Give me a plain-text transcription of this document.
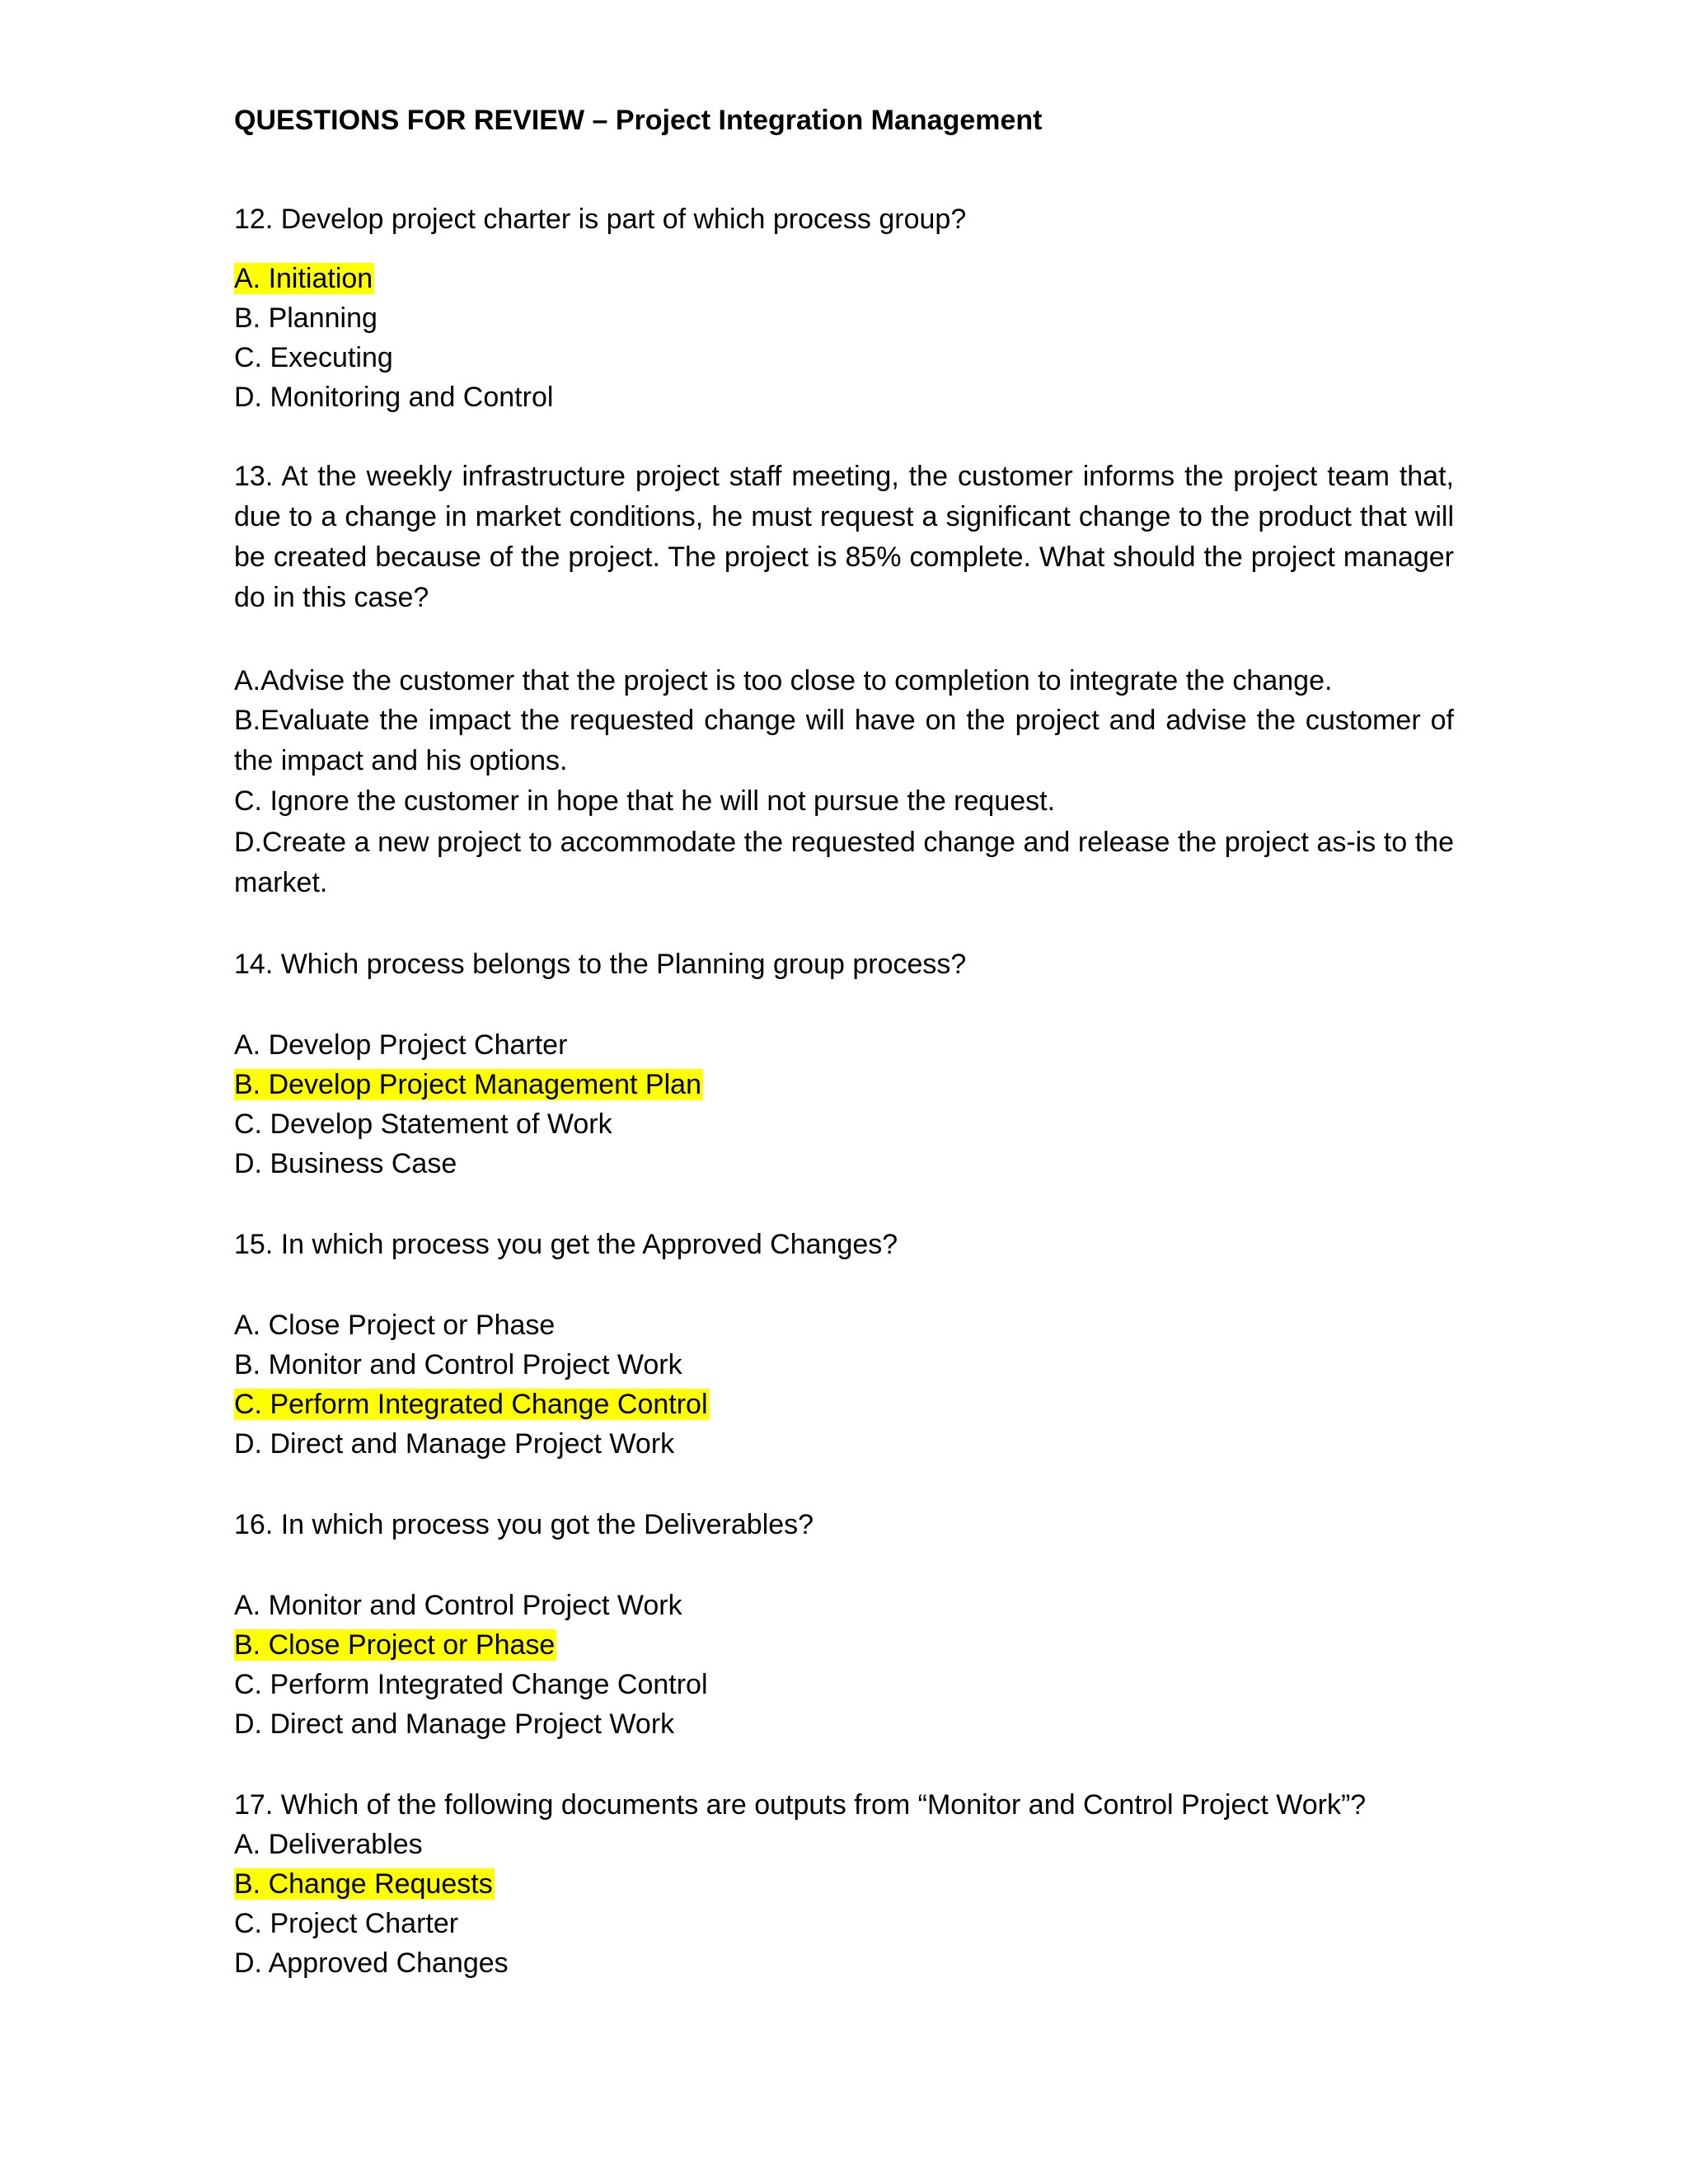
QUESTIONS FOR REVIEW – Project Integration Management
12. Develop project charter is part of which process group?
A. Initiation
B. Planning
C. Executing
D. Monitoring and Control
13. At the weekly infrastructure project staff meeting, the customer informs the project team that, due to a change in market conditions, he must request a significant change to the product that will be created because of the project. The project is 85% complete. What should the project manager do in this case?
A.Advise the customer that the project is too close to completion to integrate the change.
B.Evaluate the impact the requested change will have on the project and advise the customer of the impact and his options.
C. Ignore the customer in hope that he will not pursue the request.
D.Create a new project to accommodate the requested change and release the project as-is to the market.
14. Which process belongs to the Planning group process?
A. Develop Project Charter
B. Develop Project Management Plan
C. Develop Statement of Work
D. Business Case
15. In which process you get the Approved Changes?
A. Close Project or Phase
B. Monitor and Control Project Work
C. Perform Integrated Change Control
D. Direct and Manage Project Work
16. In which process you got the Deliverables?
A. Monitor and Control Project Work
B. Close Project or Phase
C. Perform Integrated Change Control
D. Direct and Manage Project Work
17. Which of the following documents are outputs from “Monitor and Control Project Work”?
A. Deliverables
B. Change Requests
C. Project Charter
D. Approved Changes
